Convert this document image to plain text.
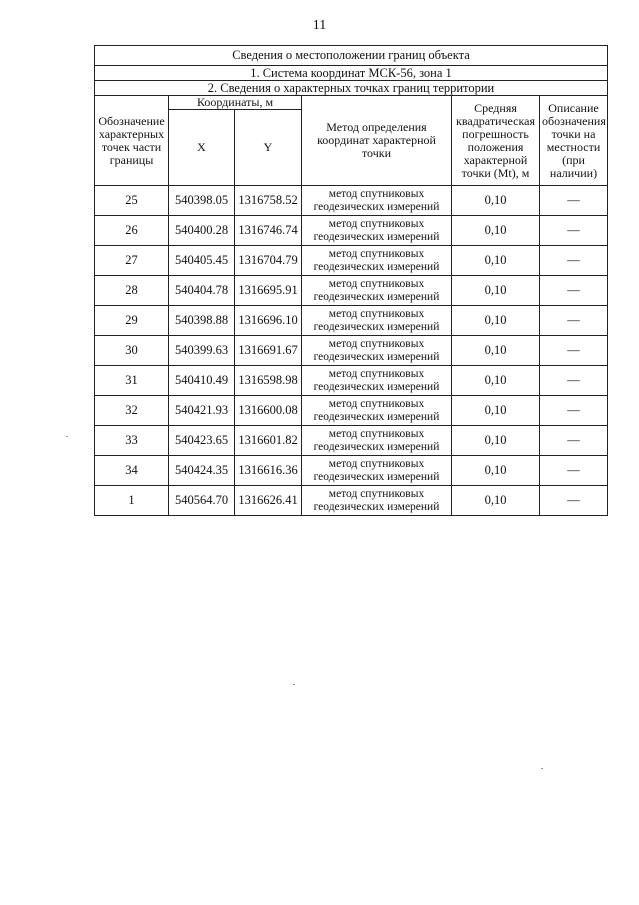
11
Сведения о местоположении границ объекта					
1. Система координат МСК-56, зона 1					
2. Сведения о характерных точках границ территории					
Обозначение характерных точек части границы	Координаты, м		Метод определения координат характерной точки	Средняя квадратическая погрешность положения характерной точки (Mt), м	Описание обозначения точки на местности (при наличии)
	X	Y			
25	540398.05	1316758.52	метод спутниковых геодезических измерений	0,10	—
26	540400.28	1316746.74	метод спутниковых геодезических измерений	0,10	—
27	540405.45	1316704.79	метод спутниковых геодезических измерений	0,10	—
28	540404.78	1316695.91	метод спутниковых геодезических измерений	0,10	—
29	540398.88	1316696.10	метод спутниковых геодезических измерений	0,10	—
30	540399.63	1316691.67	метод спутниковых геодезических измерений	0,10	—
31	540410.49	1316598.98	метод спутниковых геодезических измерений	0,10	—
32	540421.93	1316600.08	метод спутниковых геодезических измерений	0,10	—
33	540423.65	1316601.82	метод спутниковых геодезических измерений	0,10	—
34	540424.35	1316616.36	метод спутниковых геодезических измерений	0,10	—
1	540564.70	1316626.41	метод спутниковых геодезических измерений	0,10	—
